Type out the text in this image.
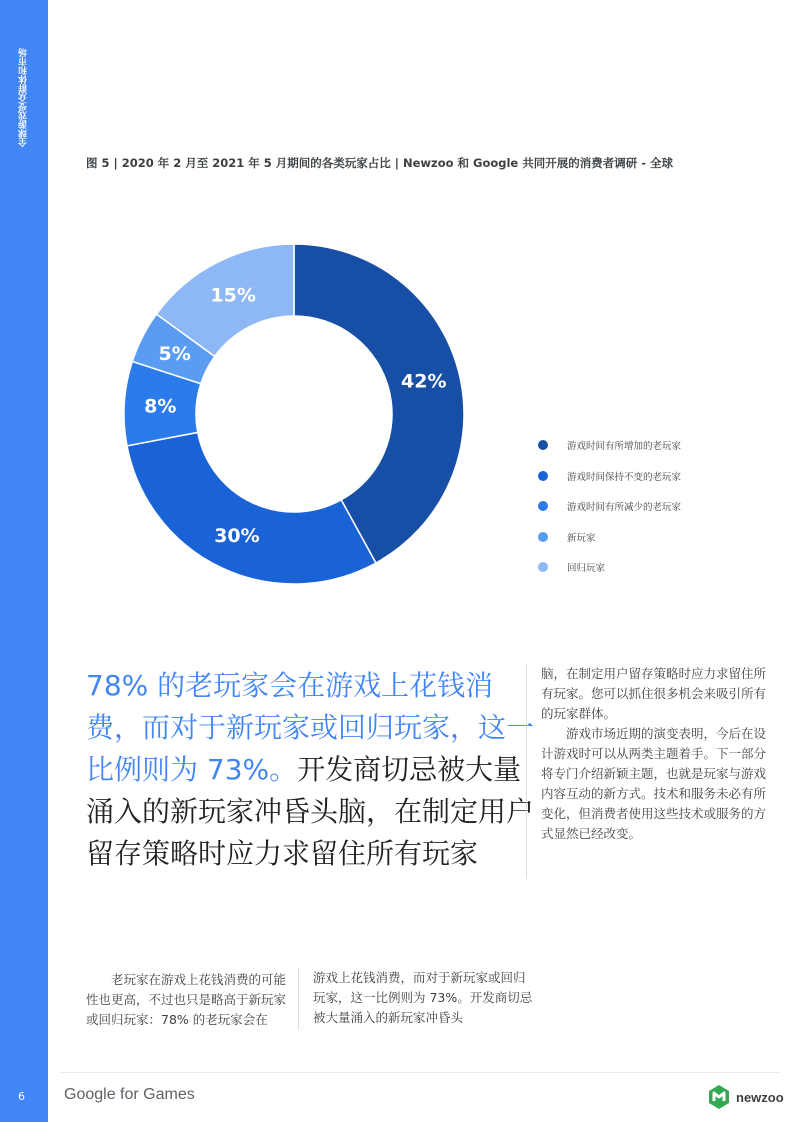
全球游戏受众群体和市场
6
图 5 | 2020 年 2 月至 2021 年 5 月期间的各类玩家占比 | Newzoo 和 Google 共同开展的消费者调研 - 全球
42%
30%
8%
5%
15%
游戏时间有所增加的老玩家
游戏时间保持不变的老玩家
游戏时间有所减少的老玩家
新玩家
回归玩家
78% 的老玩家会在游戏上花钱消费，而对于新玩家或回归玩家，这一比例则为 73%。开发商切忌被大量涌入的新玩家冲昏头脑，在制定用户留存策略时应力求留住所有玩家

脑，在制定用户留存策略时应力求留住所有玩家。您可以抓住很多机会来吸引所有的玩家群体。

游戏市场近期的演变表明，今后在设计游戏时可以从两类主题着手。下一部分将专门介绍新颖主题，也就是玩家与游戏内容互动的新方式。技术和服务未必有所变化，但消费者使用这些技术或服务的方式显然已经改变。

老玩家在游戏上花钱消费的可能性也更高，不过也只是略高于新玩家或回归玩家：78% 的老玩家会在
游戏上花钱消费，而对于新玩家或回归玩家，这一比例则为 73%。开发商切忌被大量涌入的新玩家冲昏头
Google for Games	newzoo
